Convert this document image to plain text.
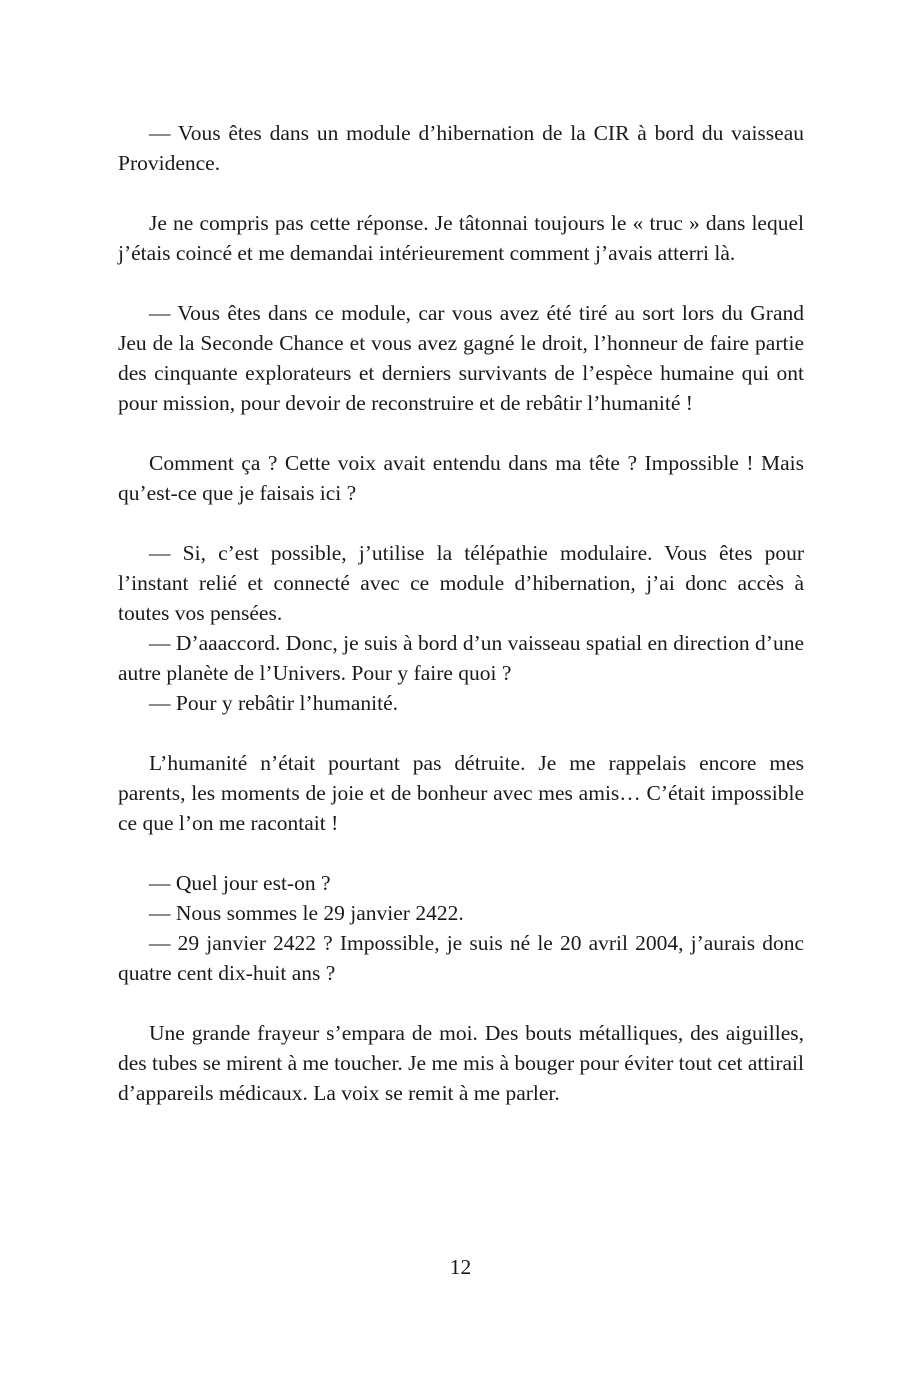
— Vous êtes dans un module d’hibernation de la CIR à bord du vaisseau Providence.

Je ne compris pas cette réponse. Je tâtonnai toujours le « truc » dans lequel j’étais coincé et me demandai intérieurement comment j’avais atterri là.

— Vous êtes dans ce module, car vous avez été tiré au sort lors du Grand Jeu de la Seconde Chance et vous avez gagné le droit, l’honneur de faire partie des cinquante explorateurs et derniers survivants de l’espèce humaine qui ont pour mission, pour devoir de reconstruire et de rebâtir l’humanité !

Comment ça ? Cette voix avait entendu dans ma tête ? Impossible ! Mais qu’est-ce que je faisais ici ?

— Si, c’est possible, j’utilise la télépathie modulaire. Vous êtes pour l’instant relié et connecté avec ce module d’hibernation, j’ai donc accès à toutes vos pensées.

— D’aaaccord. Donc, je suis à bord d’un vaisseau spatial en direction d’une autre planète de l’Univers. Pour y faire quoi ?

— Pour y rebâtir l’humanité.

L’humanité n’était pourtant pas détruite. Je me rappelais encore mes parents, les moments de joie et de bonheur avec mes amis… C’était impossible ce que l’on me racontait !

— Quel jour est-on ?

— Nous sommes le 29 janvier 2422.

— 29 janvier 2422 ? Impossible, je suis né le 20 avril 2004, j’aurais donc quatre cent dix-huit ans ?

Une grande frayeur s’empara de moi. Des bouts métalliques, des aiguilles, des tubes se mirent à me toucher. Je me mis à bouger pour éviter tout cet attirail d’appareils médicaux. La voix se remit à me parler.

12
